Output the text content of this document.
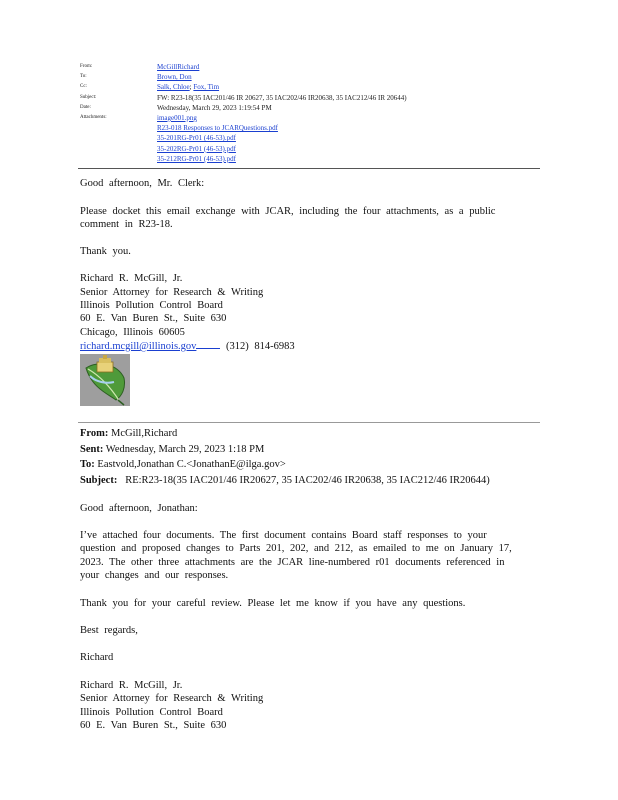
From:	McGillRichard
To:	Brown, Don
Cc:	Salk, Chloe; Fox, Tim
Subject:	FW: R23-18(35 IAC201/46 IR 20627, 35 IAC202/46 IR20638, 35 IAC212/46 IR 20644)
Date:	Wednesday, March 29, 2023 1:19:54 PM
Attachments:	image001.png
R23-018 Responses to JCARQuestions.pdf
35-201RG-Pr01 (46-53).pdf
35-202RG-Pr01 (46-53).pdf
35-212RG-Pr01 (46-53).pdf
Good afternoon, Mr. Clerk:
Please docket this email exchange with JCAR, including the four attachments, as a public
comment in R23-18.
Thank you.
Richard R. McGill, Jr.
Senior Attorney for Research & Writing
Illinois Pollution Control Board
60 E. Van Buren St., Suite 630
Chicago, Illinois 60605
richard.mcgill@illinois.gov	(312) 814-6983
From: McGill,Richard
Sent: Wednesday, March 29, 2023 1:18 PM
To: Eastvold,Jonathan C.<JonathanE@ilga.gov>
Subject: RE:R23-18(35 IAC201/46 IR20627, 35 IAC202/46 IR20638, 35 IAC212/46 IR20644)
Good afternoon, Jonathan:
I’ve attached four documents. The first document contains Board staff responses to your
question and proposed changes to Parts 201, 202, and 212, as emailed to me on January 17,
2023. The other three attachments are the JCAR line-numbered r01 documents referenced in
your changes and our responses.
Thank you for your careful review. Please let me know if you have any questions.
Best regards,
Richard
Richard R. McGill, Jr.
Senior Attorney for Research & Writing
Illinois Pollution Control Board
60 E. Van Buren St., Suite 630
